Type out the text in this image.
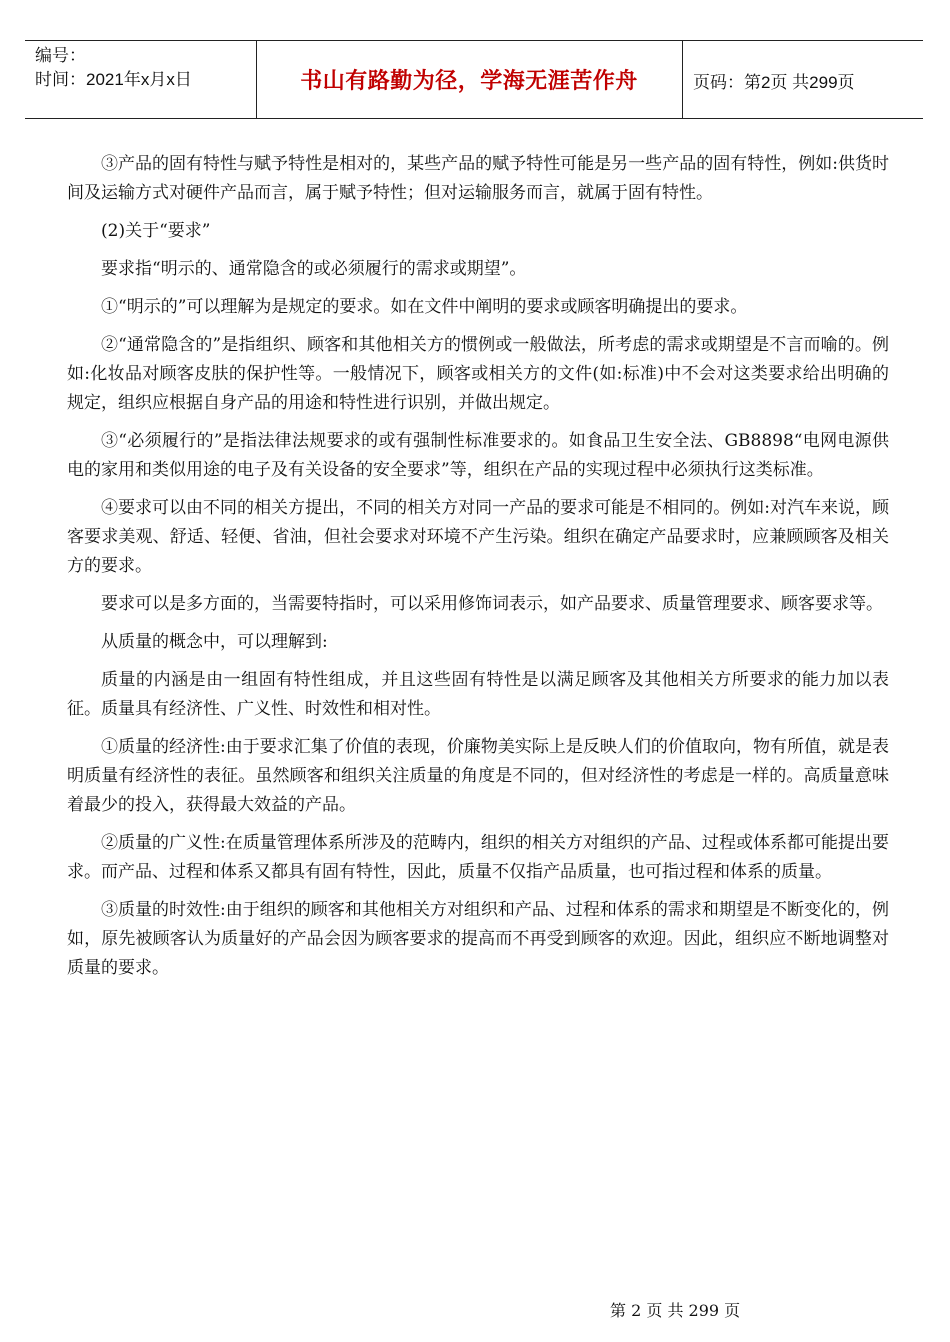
编号：
时间：2021年x月x日	书山有路勤为径，学海无涯苦作舟	页码：第2页 共299页

③产品的固有特性与赋予特性是相对的，某些产品的赋予特性可能是另一些产品的固有特性，例如:供货时间及运输方式对硬件产品而言，属于赋予特性；但对运输服务而言，就属于固有特性。

(2)关于“要求”

要求指“明示的、通常隐含的或必须履行的需求或期望”。

①“明示的”可以理解为是规定的要求。如在文件中阐明的要求或顾客明确提出的要求。

②“通常隐含的”是指组织、顾客和其他相关方的惯例或一般做法，所考虑的需求或期望是不言而喻的。例如:化妆品对顾客皮肤的保护性等。一般情况下，顾客或相关方的文件(如:标准)中不会对这类要求给出明确的规定，组织应根据自身产品的用途和特性进行识别，并做出规定。

③“必须履行的”是指法律法规要求的或有强制性标准要求的。如食品卫生安全法、GB8898“电网电源供电的家用和类似用途的电子及有关设备的安全要求”等，组织在产品的实现过程中必须执行这类标准。

④要求可以由不同的相关方提出，不同的相关方对同一产品的要求可能是不相同的。例如:对汽车来说，顾客要求美观、舒适、轻便、省油，但社会要求对环境不产生污染。组织在确定产品要求时，应兼顾顾客及相关方的要求。

要求可以是多方面的，当需要特指时，可以采用修饰词表示，如产品要求、质量管理要求、顾客要求等。

从质量的概念中，可以理解到:

质量的内涵是由一组固有特性组成，并且这些固有特性是以满足顾客及其他相关方所要求的能力加以表征。质量具有经济性、广义性、时效性和相对性。

①质量的经济性:由于要求汇集了价值的表现，价廉物美实际上是反映人们的价值取向，物有所值，就是表明质量有经济性的表征。虽然顾客和组织关注质量的角度是不同的，但对经济性的考虑是一样的。高质量意味着最少的投入，获得最大效益的产品。

②质量的广义性:在质量管理体系所涉及的范畴内，组织的相关方对组织的产品、过程或体系都可能提出要求。而产品、过程和体系又都具有固有特性，因此，质量不仅指产品质量，也可指过程和体系的质量。

③质量的时效性:由于组织的顾客和其他相关方对组织和产品、过程和体系的需求和期望是不断变化的，例如，原先被顾客认为质量好的产品会因为顾客要求的提高而不再受到顾客的欢迎。因此，组织应不断地调整对质量的要求。

第 2 页 共 299 页
